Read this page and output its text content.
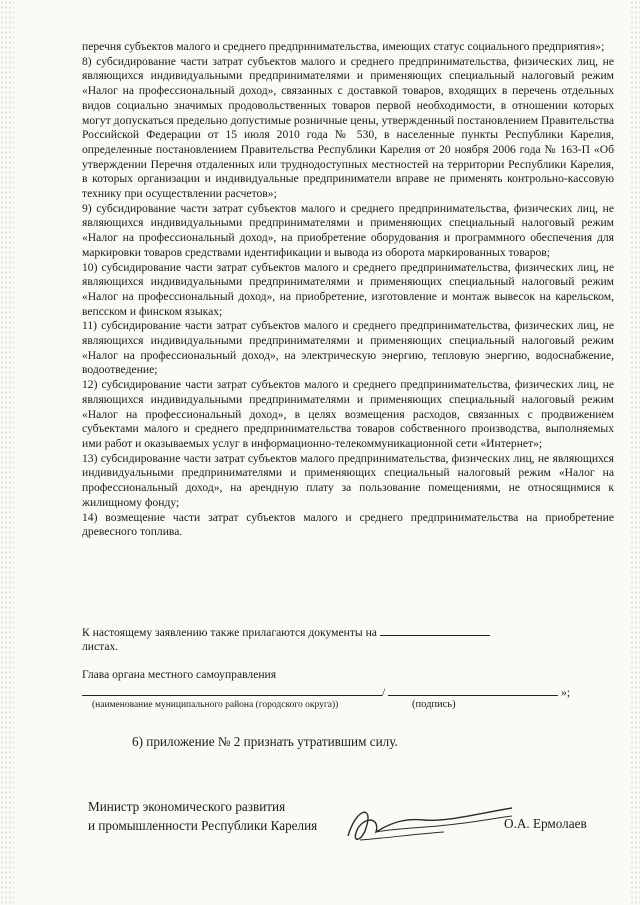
перечня субъектов малого и среднего предпринимательства, имеющих статус социального предприятия»;

8) субсидирование части затрат субъектов малого и среднего предпринимательства, физических лиц, не являющихся индивидуальными предпринимателями и применяющих специальный налоговый режим «Налог на профессиональный доход», связанных с доставкой товаров, входящих в перечень отдельных видов социально значимых продовольственных товаров первой необходимости, в отношении которых могут допускаться предельно допустимые розничные цены, утвержденный постановлением Правительства Российской Федерации от 15 июля 2010 года № 530, в населенные пункты Республики Карелия, определенные постановлением Правительства Республики Карелия от 20 ноября 2006 года № 163-П «Об утверждении Перечня отдаленных или труднодоступных местностей на территории Республики Карелия, в которых организации и индивидуальные предприниматели вправе не применять контрольно-кассовую технику при осуществлении расчетов»;

9) субсидирование части затрат субъектов малого и среднего предпринимательства, физических лиц, не являющихся индивидуальными предпринимателями и применяющих специальный налоговый режим «Налог на профессиональный доход», на приобретение оборудования и программного обеспечения для маркировки товаров средствами идентификации и вывода из оборота маркированных товаров;

10) субсидирование части затрат субъектов малого и среднего предпринимательства, физических лиц, не являющихся индивидуальными предпринимателями и применяющих специальный налоговый режим «Налог на профессиональный доход», на приобретение, изготовление и монтаж вывесок на карельском, вепсском и финском языках;

11) субсидирование части затрат субъектов малого и среднего предпринимательства, физических лиц, не являющихся индивидуальными предпринимателями и применяющих специальный налоговый режим «Налог на профессиональный доход», на электрическую энергию, тепловую энергию, водоснабжение, водоотведение;

12) субсидирование части затрат субъектов малого и среднего предпринимательства, физических лиц, не являющихся индивидуальными предпринимателями и применяющих специальный налоговый режим «Налог на профессиональный доход», в целях возмещения расходов, связанных с продвижением субъектами малого и среднего предпринимательства товаров собственного производства, выполняемых ими работ и оказываемых услуг в информационно-телекоммуникационной сети «Интернет»;

13) субсидирование части затрат субъектов малого предпринимательства, физических лиц, не являющихся индивидуальными предпринимателями и применяющих специальный налоговый режим «Налог на профессиональный доход», на арендную плату за пользование помещениями, не относящимися к жилищному фонду;

14) возмещение части затрат субъектов малого и среднего предпринимательства на приобретение древесного топлива.

К настоящему заявлению также прилагаются документы на
листах.
Глава органа местного самоуправления
/	»;
(наименование муниципального района (городского округа))	(подпись)
6) приложение № 2 признать утратившим силу.
Министр экономического развития
и промышленности Республики Карелия	О.А. Ермолаев
